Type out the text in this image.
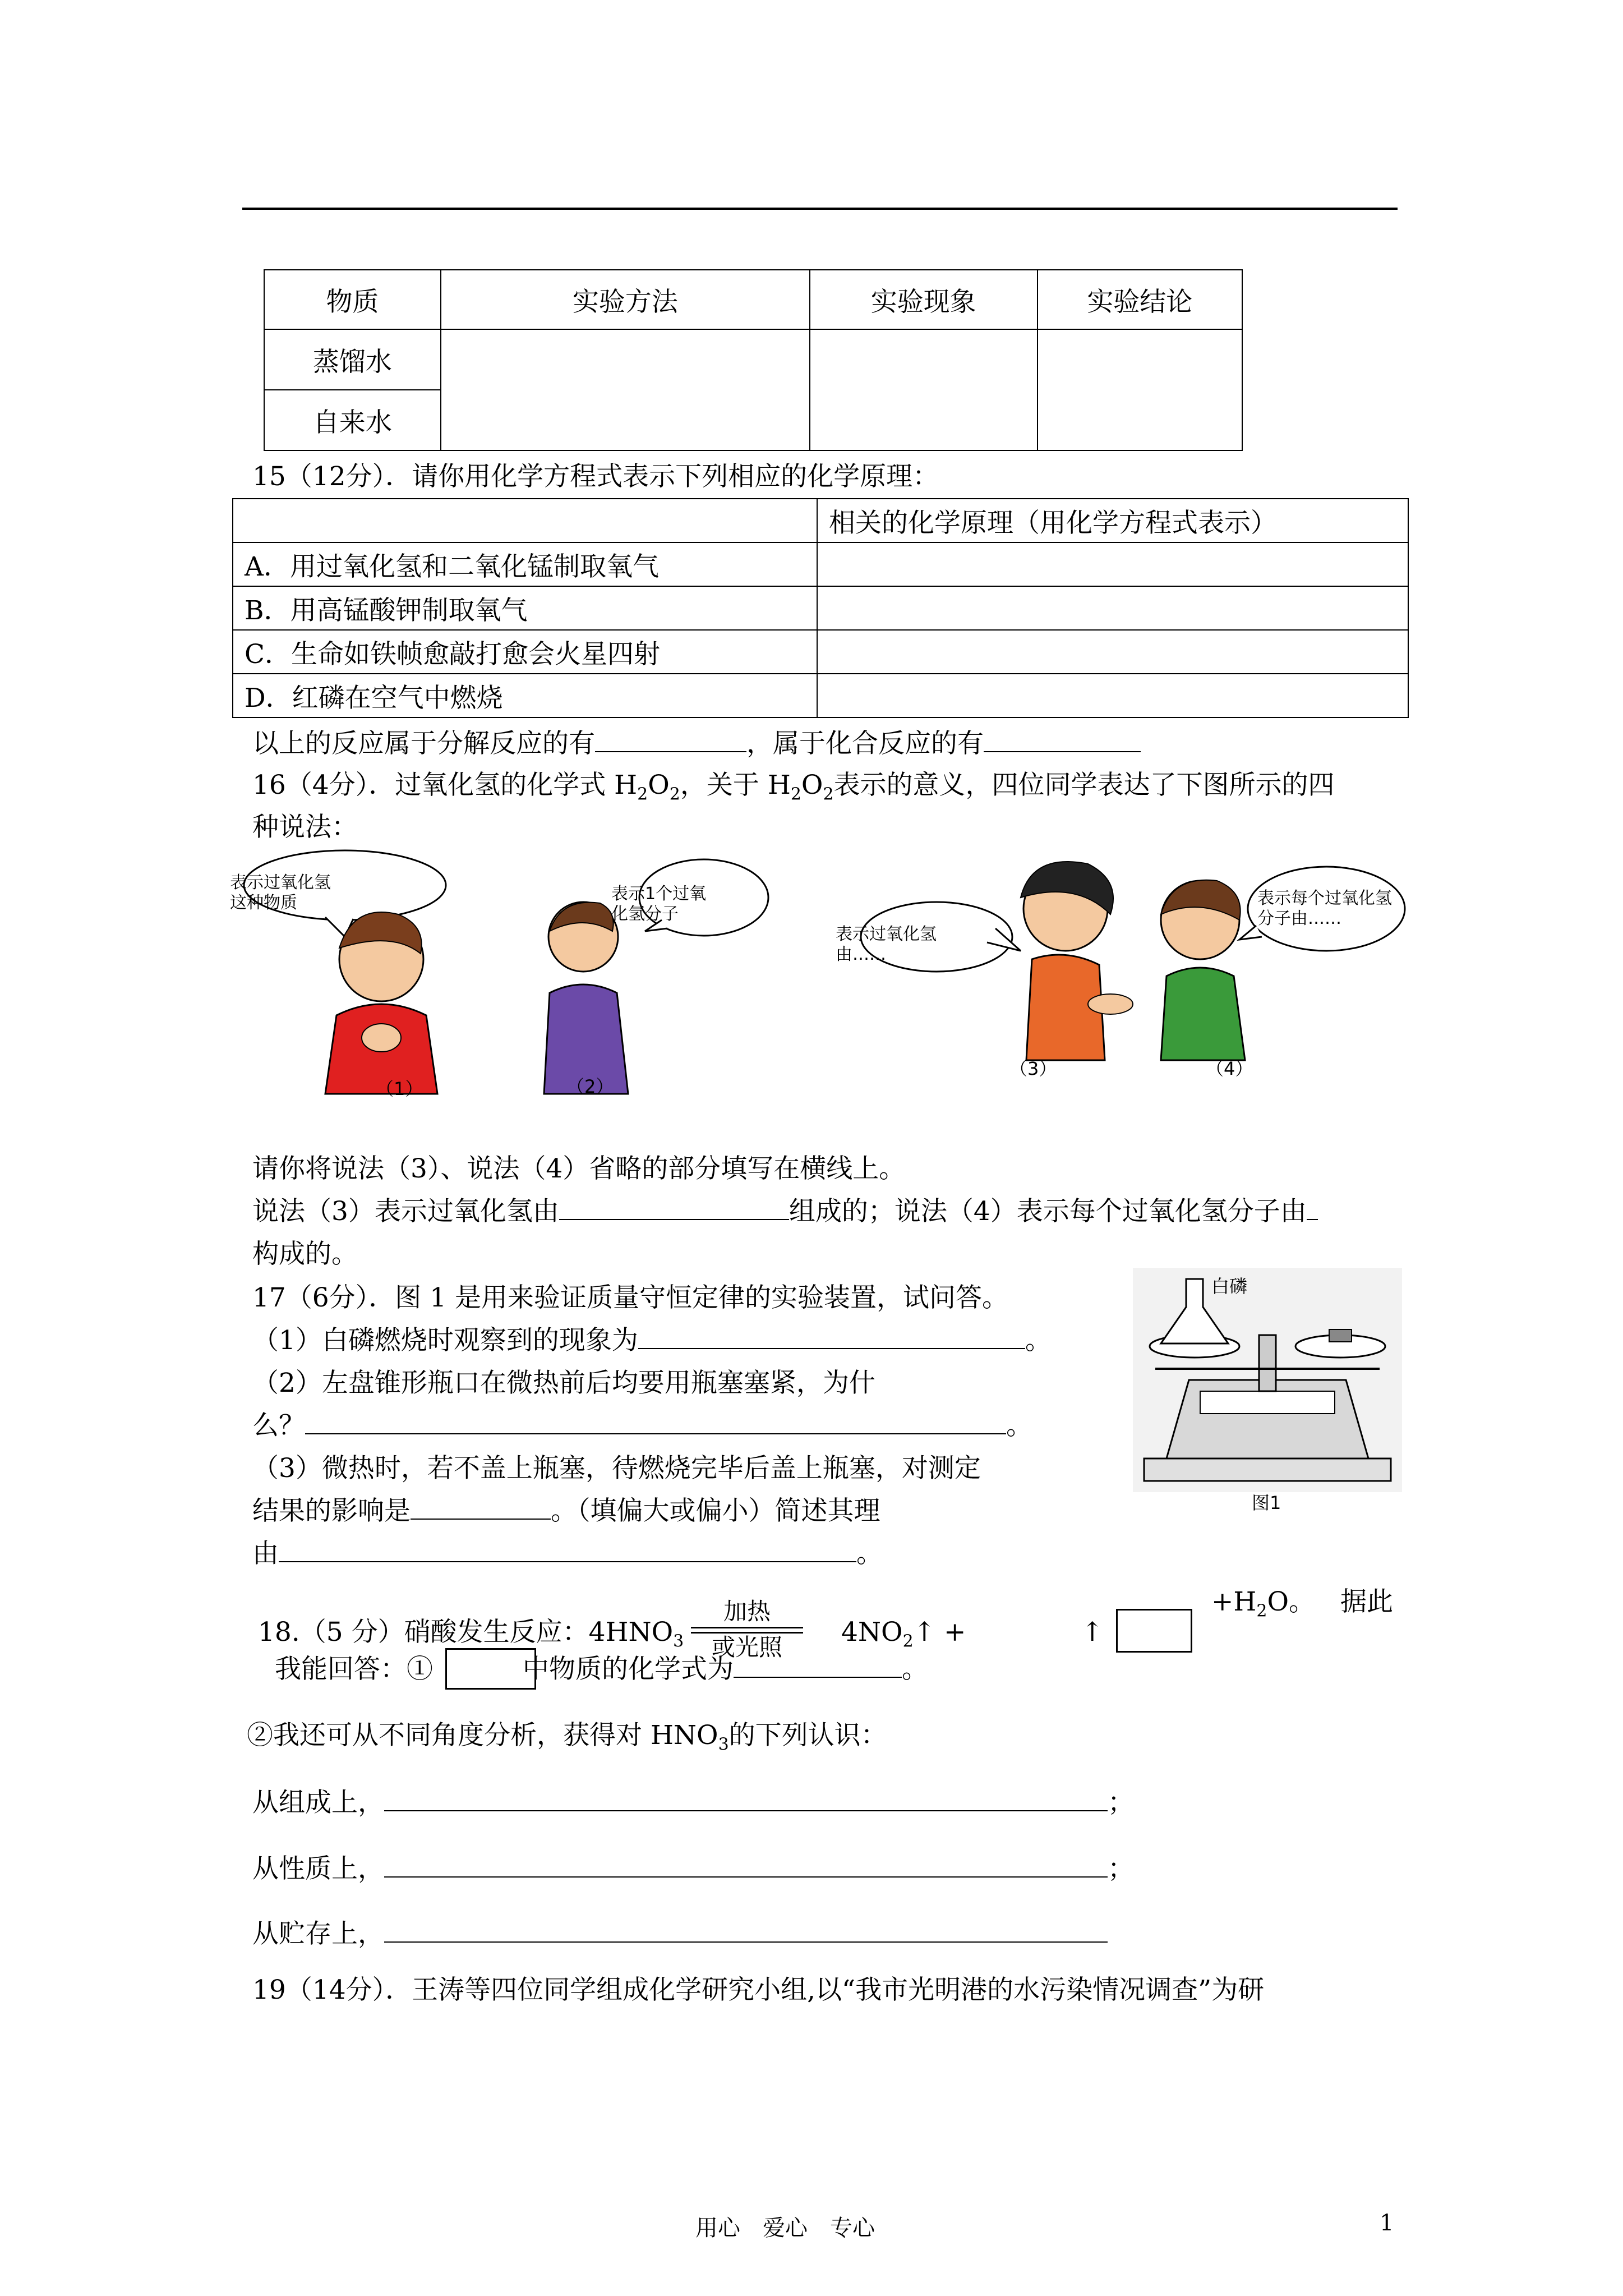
物质	实验方法	实验现象	实验结论
蒸馏水			
自来水			
15（12分）．请你用化学方程式表示下列相应的化学原理：
	相关的化学原理（用化学方程式表示）
A．用过氧化氢和二氧化锰制取氧气	
B．用高锰酸钾制取氧气	
C．生命如铁帧愈敲打愈会火星四射	
D．红磷在空气中燃烧	
以上的反应属于分解反应的有	，属于化合反应的有
16（4分）．过氧化氢的化学式 $H_2O_2$，关于 $H_2O_2$表示的意义，四位同学表达了下图所示的四
种说法：
表示过氧化氢这种物质	表示1个过氧化氢分子
表示过氧化氢由……
表示每个过氧化氢分子由……
（1）	（2）
（3）	（4）
请你将说法（3）、说法（4）省略的部分填写在横线上。
说法（3）表示过氧化氢由	组成的；说法（4）表示每个过氧化氢分子由
构成的。
17（6分）．图 1 是用来验证质量守恒定律的实验装置，试问答。
（1）白磷燃烧时观察到的现象为	。
（2）左盘锥形瓶口在微热前后均要用瓶塞塞紧，为什
么？	。
（3）微热时，若不盖上瓶塞，待燃烧完毕后盖上瓶塞，对测定
结果的影响是	。（填偏大或偏小）简述其理
由	。
白磷
图1
18.（5 分）硝酸发生反应：$4HNO_3$
加热
或光照	$4NO_2↑$ +	↑
$+H_2O$。 据此
我能回答：①	中物质的化学式为	。
②我还可从不同角度分析，获得对 $HNO_3$的下列认识：
从组成上，	；
从性质上，	；
从贮存上，
19（14分）．王涛等四位同学组成化学研究小组,以“我市光明港的水污染情况调查”为研
用心　爱心　专心	1
